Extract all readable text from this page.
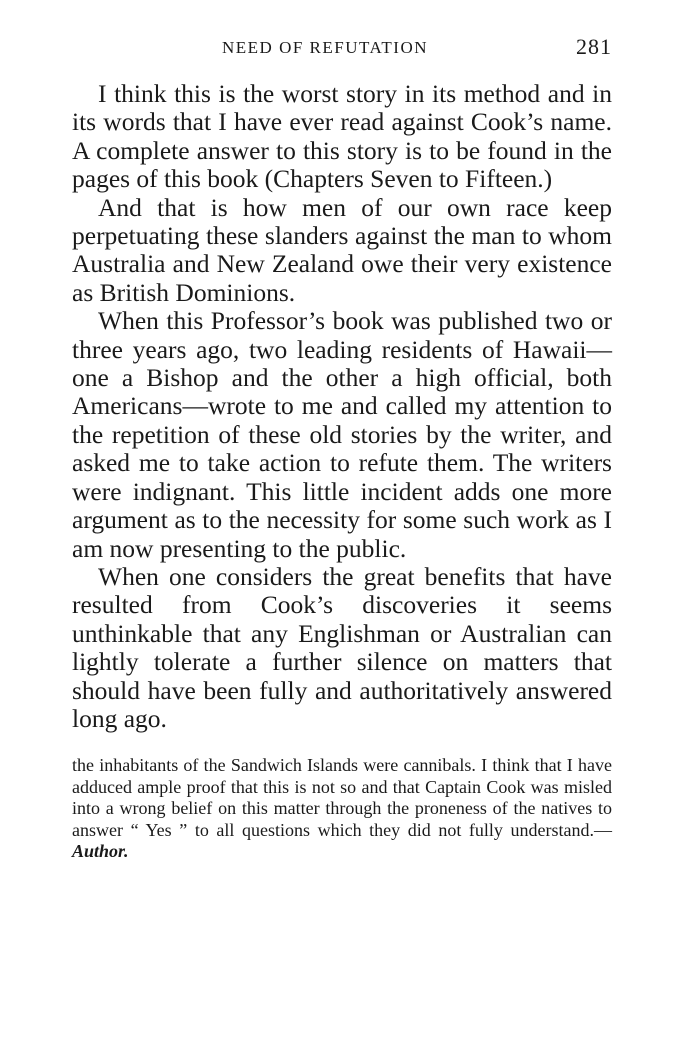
NEED OF REFUTATION	281

I think this is the worst story in its method and in its words that I have ever read against Cook’s name. A complete answer to this story is to be found in the pages of this book (Chapters Seven to Fifteen.)

And that is how men of our own race keep perpetuating these slanders against the man to whom Australia and New Zealand owe their very existence as British Dominions.

When this Professor’s book was published two or three years ago, two leading residents of Hawaii—one a Bishop and the other a high official, both Americans—wrote to me and called my attention to the repetition of these old stories by the writer, and asked me to take action to refute them. The writers were indignant. This little incident adds one more argument as to the necessity for some such work as I am now presenting to the public.

When one considers the great benefits that have resulted from Cook’s discoveries it seems unthinkable that any Englishman or Australian can lightly tolerate a further silence on matters that should have been fully and authoritatively answered long ago.

the inhabitants of the Sandwich Islands were cannibals. I think that I have adduced ample proof that this is not so and that Captain Cook was misled into a wrong belief on this matter through the proneness of the natives to answer “ Yes ” to all questions which they did not fully understand.—Author.
